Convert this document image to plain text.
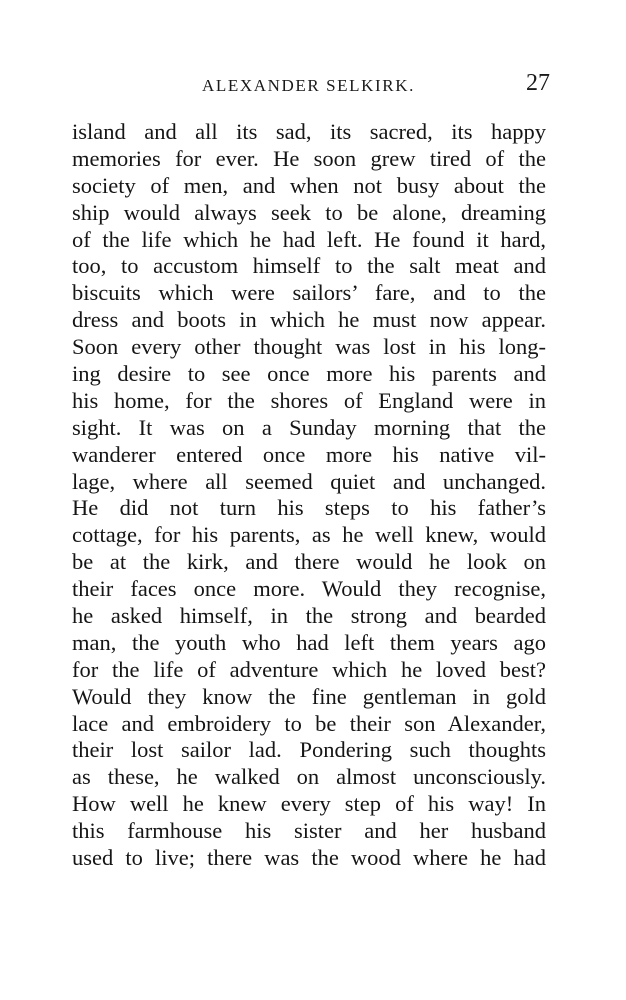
ALEXANDER SELKIRK.	27
island and all its sad, its sacred, its happy
memories for ever. He soon grew tired of the
society of men, and when not busy about the
ship would always seek to be alone, dreaming
of the life which he had left. He found it hard,
too, to accustom himself to the salt meat and
biscuits which were sailors’ fare, and to the
dress and boots in which he must now appear.
Soon every other thought was lost in his long-
ing desire to see once more his parents and
his home, for the shores of England were in
sight. It was on a Sunday morning that the
wanderer entered once more his native vil-
lage, where all seemed quiet and unchanged.
He did not turn his steps to his father’s
cottage, for his parents, as he well knew, would
be at the kirk, and there would he look on
their faces once more. Would they recognise,
he asked himself, in the strong and bearded
man, the youth who had left them years ago
for the life of adventure which he loved best?
Would they know the fine gentleman in gold
lace and embroidery to be their son Alexander,
their lost sailor lad. Pondering such thoughts
as these, he walked on almost unconsciously.
How well he knew every step of his way! In
this farmhouse his sister and her husband
used to live; there was the wood where he had
